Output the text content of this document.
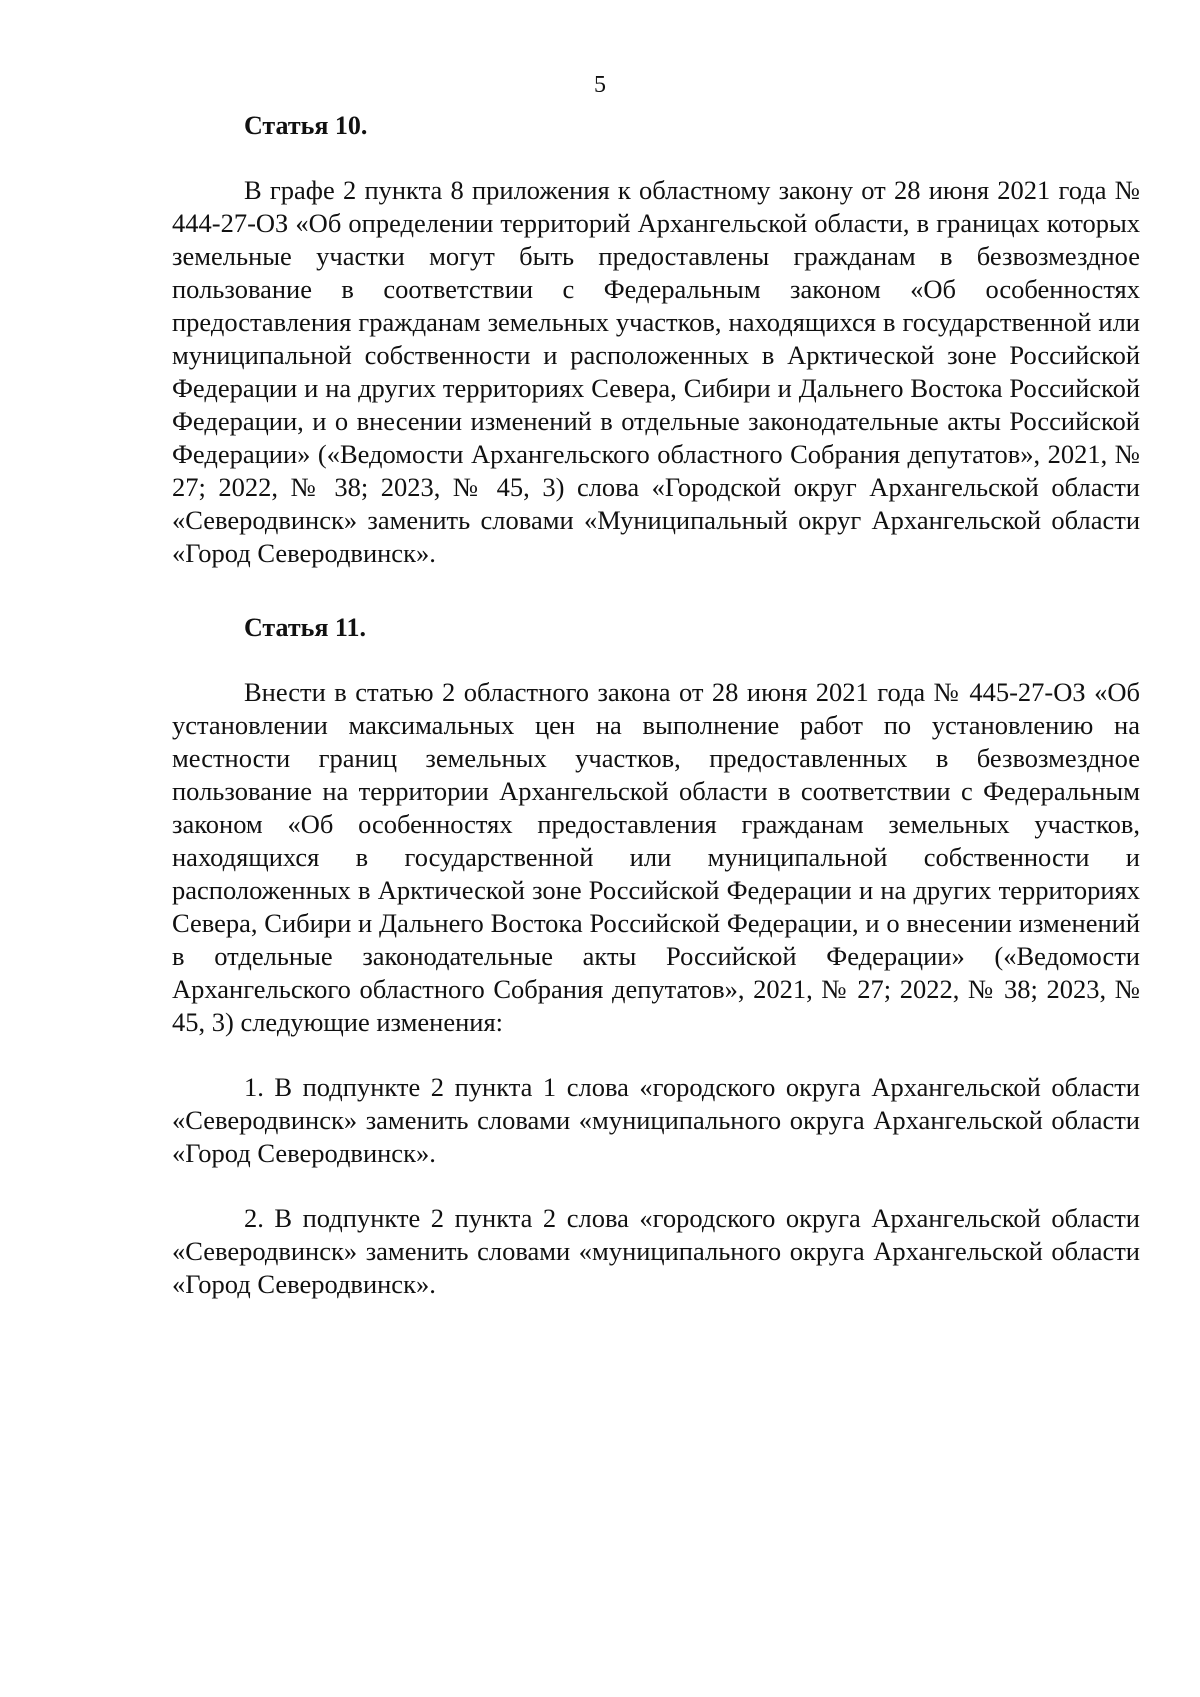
5
Статья 10.

В графе 2 пункта 8 приложения к областному закону от 28 июня 2021 года № 444-27-ОЗ «Об определении территорий Архангельской области, в границах которых земельные участки могут быть предоставлены гражданам в безвозмездное пользование в соответствии с Федеральным законом «Об особенностях предоставления гражданам земельных участков, находящихся в государственной или муниципальной собственности и расположенных в Арктической зоне Российской Федерации и на других территориях Севера, Сибири и Дальнего Востока Российской Федерации, и о внесении изменений в отдельные законодательные акты Российской Федерации» («Ведомости Архангельского областного Собрания депутатов», 2021, № 27; 2022, № 38; 2023, № 45, 3) слова «Городской округ Архангельской области «Северодвинск» заменить словами «Муниципальный округ Архангельской области «Город Северодвинск».

Статья 11.

Внести в статью 2 областного закона от 28 июня 2021 года № 445-27-ОЗ «Об установлении максимальных цен на выполнение работ по установлению на местности границ земельных участков, предоставленных в безвозмездное пользование на территории Архангельской области в соответствии с Федеральным законом «Об особенностях предоставления гражданам земельных участков, находящихся в государственной или муниципальной собственности и расположенных в Арктической зоне Российской Федерации и на других территориях Севера, Сибири и Дальнего Востока Российской Федерации, и о внесении изменений в отдельные законодательные акты Российской Федерации» («Ведомости Архангельского областного Собрания депутатов», 2021, № 27; 2022, № 38; 2023, № 45, 3) следующие изменения:

1. В подпункте 2 пункта 1 слова «городского округа Архангельской области «Северодвинск» заменить словами «муниципального округа Архангельской области «Город Северодвинск».

2. В подпункте 2 пункта 2 слова «городского округа Архангельской области «Северодвинск» заменить словами «муниципального округа Архангельской области «Город Северодвинск».
